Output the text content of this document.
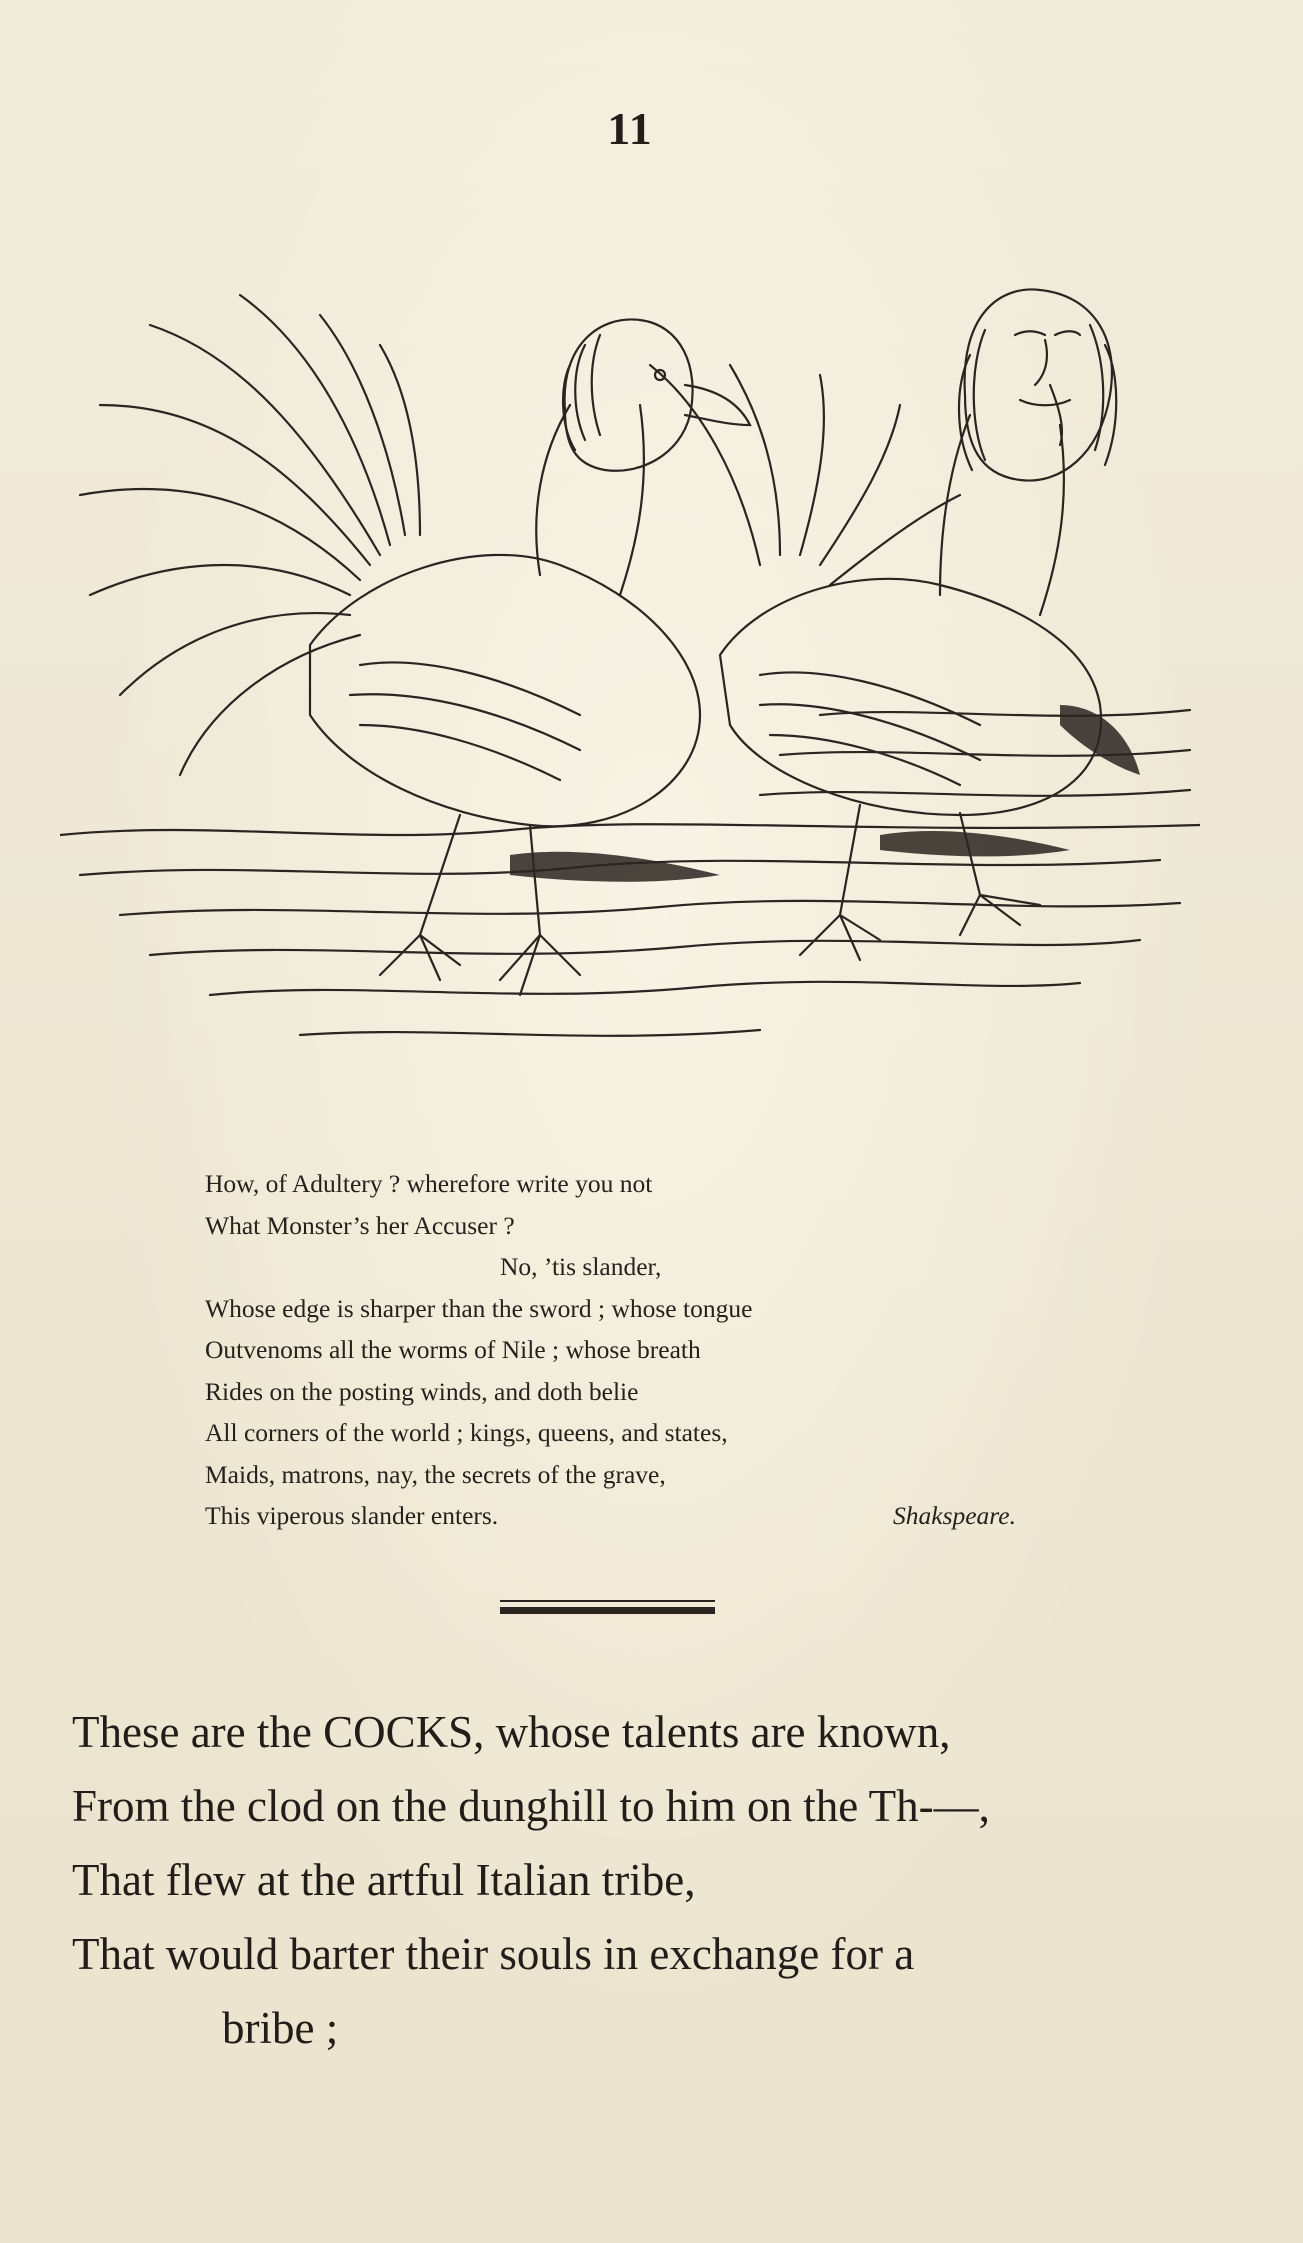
11
How, of Adultery ? wherefore write you not
What Monster’s her Accuser ?
No, ’tis slander,
Whose edge is sharper than the sword ; whose tongue
Outvenoms all the worms of Nile ; whose breath
Rides on the posting winds, and doth belie
All corners of the world ; kings, queens, and states,
Maids, matrons, nay, the secrets of the grave,
This viperous slander enters.	Shakspeare.
These are the COCKS, whose talents are known,
From the clod on the dunghill to him on the Th-—,
That flew at the artful Italian tribe,
That would barter their souls in exchange for a
bribe ;
